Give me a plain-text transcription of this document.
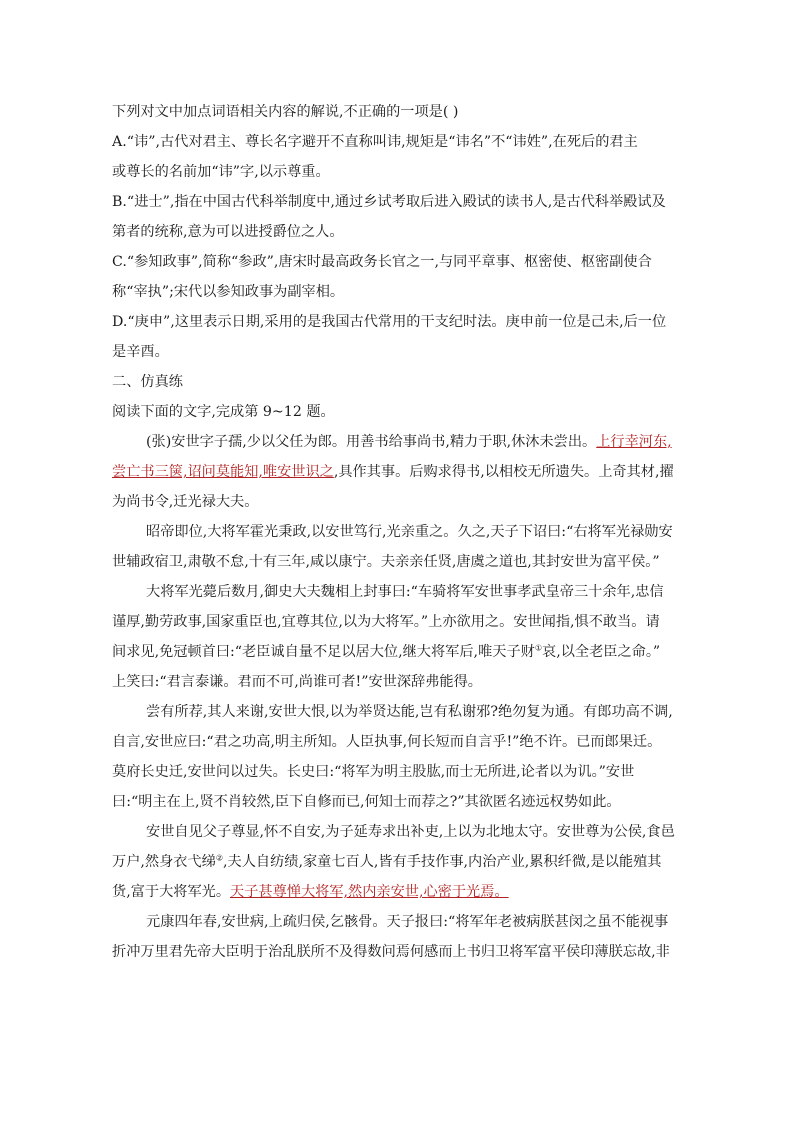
下列对文中加点词语相关内容的解说,不正确的一项是( )
A.“讳”,古代对君主、尊长名字避开不直称叫讳,规矩是“讳名”不“讳姓”,在死后的君主
或尊长的名前加“讳”字,以示尊重。
B.“进士”,指在中国古代科举制度中,通过乡试考取后进入殿试的读书人,是古代科举殿试及
第者的统称,意为可以进授爵位之人。
C.“参知政事”,简称“参政”,唐宋时最高政务长官之一,与同平章事、枢密使、枢密副使合
称“宰执”;宋代以参知政事为副宰相。
D.“庚申”,这里表示日期,采用的是我国古代常用的干支纪时法。庚申前一位是己未,后一位
是辛酉。
二、仿真练
阅读下面的文字,完成第 9~12 题。
(张)安世字子孺,少以父任为郎。用善书给事尚书,精力于职,休沐未尝出。上行幸河东,
尝亡书三箧,诏问莫能知,唯安世识之,具作其事。后购求得书,以相校无所遗失。上奇其材,擢
为尚书令,迁光禄大夫。
昭帝即位,大将军霍光秉政,以安世笃行,光亲重之。久之,天子下诏曰:“右将军光禄勋安
世辅政宿卫,肃敬不怠,十有三年,咸以康宁。夫亲亲任贤,唐虞之道也,其封安世为富平侯。”
大将军光薨后数月,御史大夫魏相上封事曰:“车骑将军安世事孝武皇帝三十余年,忠信
谨厚,勤劳政事,国家重臣也,宜尊其位,以为大将军。”上亦欲用之。安世闻指,惧不敢当。请
间求见,免冠顿首曰:“老臣诚自量不足以居大位,继大将军后,唯天子财①哀,以全老臣之命。”
上笑曰:“君言泰谦。君而不可,尚谁可者!”安世深辞弗能得。
尝有所荐,其人来谢,安世大恨,以为举贤达能,岂有私谢邪?绝勿复为通。有郎功高不调,
自言,安世应曰:“君之功高,明主所知。人臣执事,何长短而自言乎!”绝不许。已而郎果迁。
莫府长史迁,安世问以过失。长史曰:“将军为明主股肱,而士无所进,论者以为讥。”安世
曰:“明主在上,贤不肖较然,臣下自修而已,何知士而荐之?”其欲匿名迹远权势如此。
安世自见父子尊显,怀不自安,为子延寿求出补吏,上以为北地太守。安世尊为公侯,食邑
万户,然身衣弋绨②,夫人自纺绩,家童七百人,皆有手技作事,内治产业,累积纤微,是以能殖其
货,富于大将军光。天子甚尊惮大将军,然内亲安世,心密于光焉。
元康四年春,安世病,上疏归侯,乞骸骨。天子报曰:“将军年老被病朕甚闵之虽不能视事
折冲万里君先帝大臣明于治乱朕所不及得数问焉何感而上书归卫将军富平侯印薄朕忘故,非
